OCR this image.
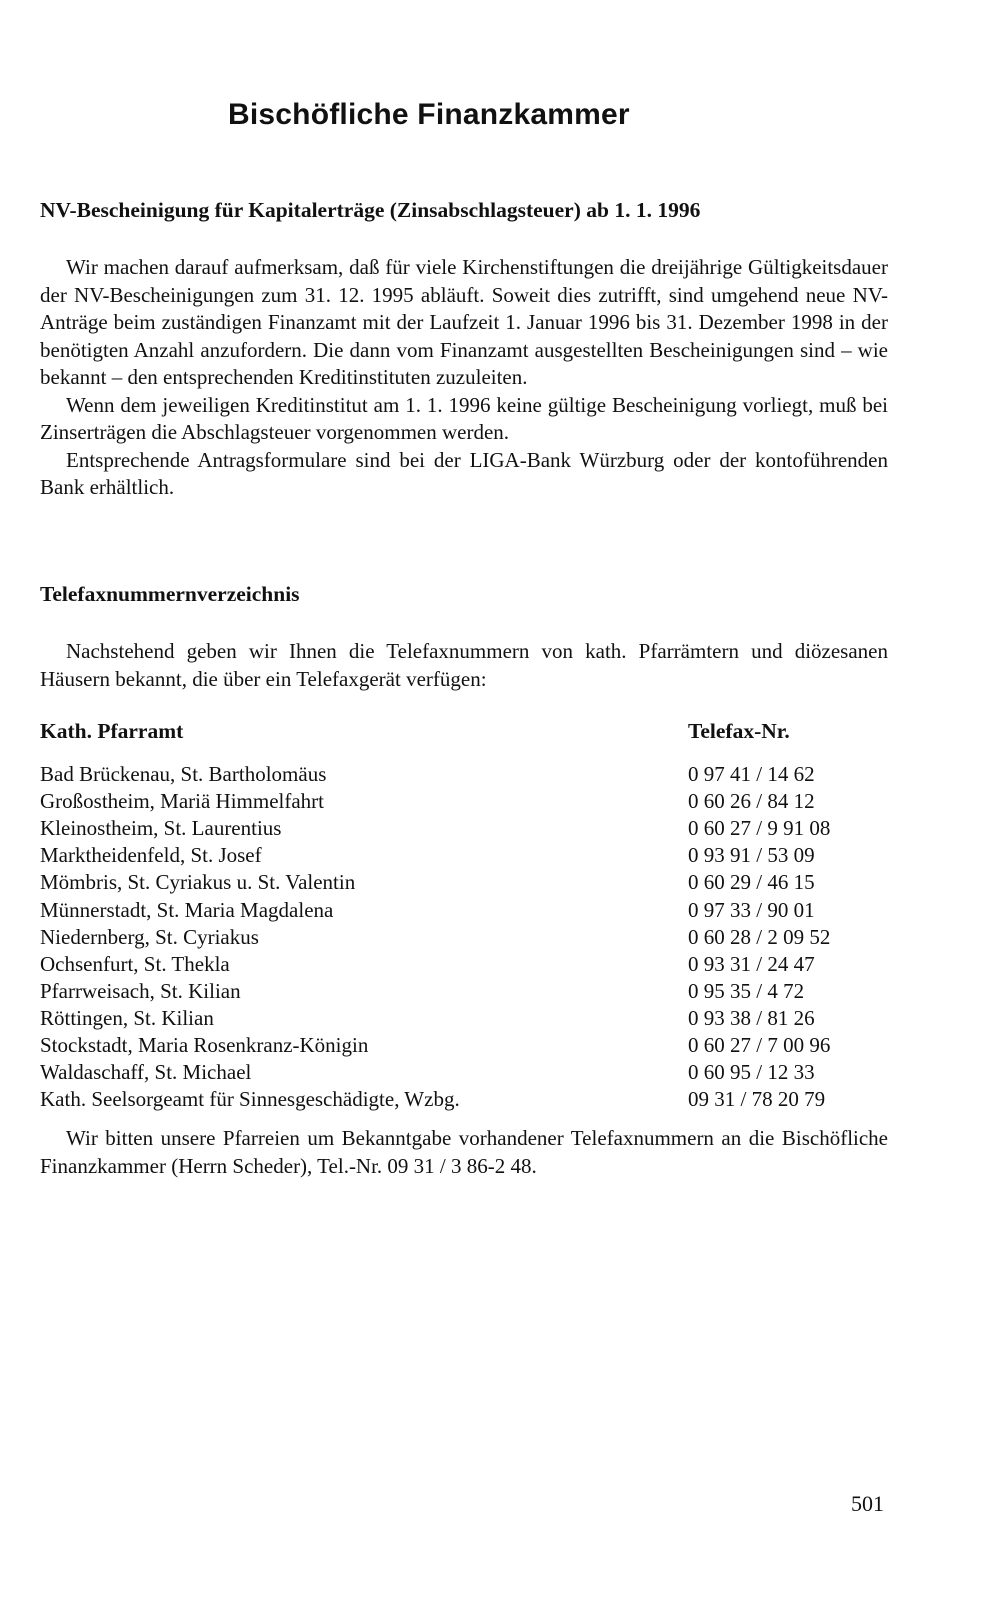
Bischöfliche Finanzkammer
NV-Bescheinigung für Kapitalerträge (Zinsabschlagsteuer) ab 1. 1. 1996
Wir machen darauf aufmerksam, daß für viele Kirchenstiftungen die dreijährige Gültigkeitsdauer der NV-Bescheinigungen zum 31. 12. 1995 abläuft. Soweit dies zutrifft, sind umgehend neue NV-Anträge beim zuständigen Finanzamt mit der Laufzeit 1. Januar 1996 bis 31. Dezember 1998 in der benötigten Anzahl anzufordern. Die dann vom Finanzamt ausgestellten Bescheinigungen sind – wie bekannt – den entsprechenden Kreditinstituten zuzuleiten.
Wenn dem jeweiligen Kreditinstitut am 1. 1. 1996 keine gültige Bescheinigung vorliegt, muß bei Zinserträgen die Abschlagsteuer vorgenommen werden.
Entsprechende Antragsformulare sind bei der LIGA-Bank Würzburg oder der kontoführenden Bank erhältlich.
Telefaxnummernverzeichnis
Nachstehend geben wir Ihnen die Telefaxnummern von kath. Pfarrämtern und diözesanen Häusern bekannt, die über ein Telefaxgerät verfügen:
Kath. Pfarramt	Telefax-Nr.
Bad Brückenau, St. Bartholomäus	0 97 41 / 14 62
Großostheim, Mariä Himmelfahrt	0 60 26 / 84 12
Kleinostheim, St. Laurentius	0 60 27 / 9 91 08
Marktheidenfeld, St. Josef	0 93 91 / 53 09
Mömbris, St. Cyriakus u. St. Valentin	0 60 29 / 46 15
Münnerstadt, St. Maria Magdalena	0 97 33 / 90 01
Niedernberg, St. Cyriakus	0 60 28 / 2 09 52
Ochsenfurt, St. Thekla	0 93 31 / 24 47
Pfarrweisach, St. Kilian	0 95 35 / 4 72
Röttingen, St. Kilian	0 93 38 / 81 26
Stockstadt, Maria Rosenkranz-Königin	0 60 27 / 7 00 96
Waldaschaff, St. Michael	0 60 95 / 12 33
Kath. Seelsorgeamt für Sinnesgeschädigte, Wzbg.	09 31 / 78 20 79
Wir bitten unsere Pfarreien um Bekanntgabe vorhandener Telefaxnummern an die Bischöfliche Finanzkammer (Herrn Scheder), Tel.-Nr. 09 31 / 3 86-2 48.
501
